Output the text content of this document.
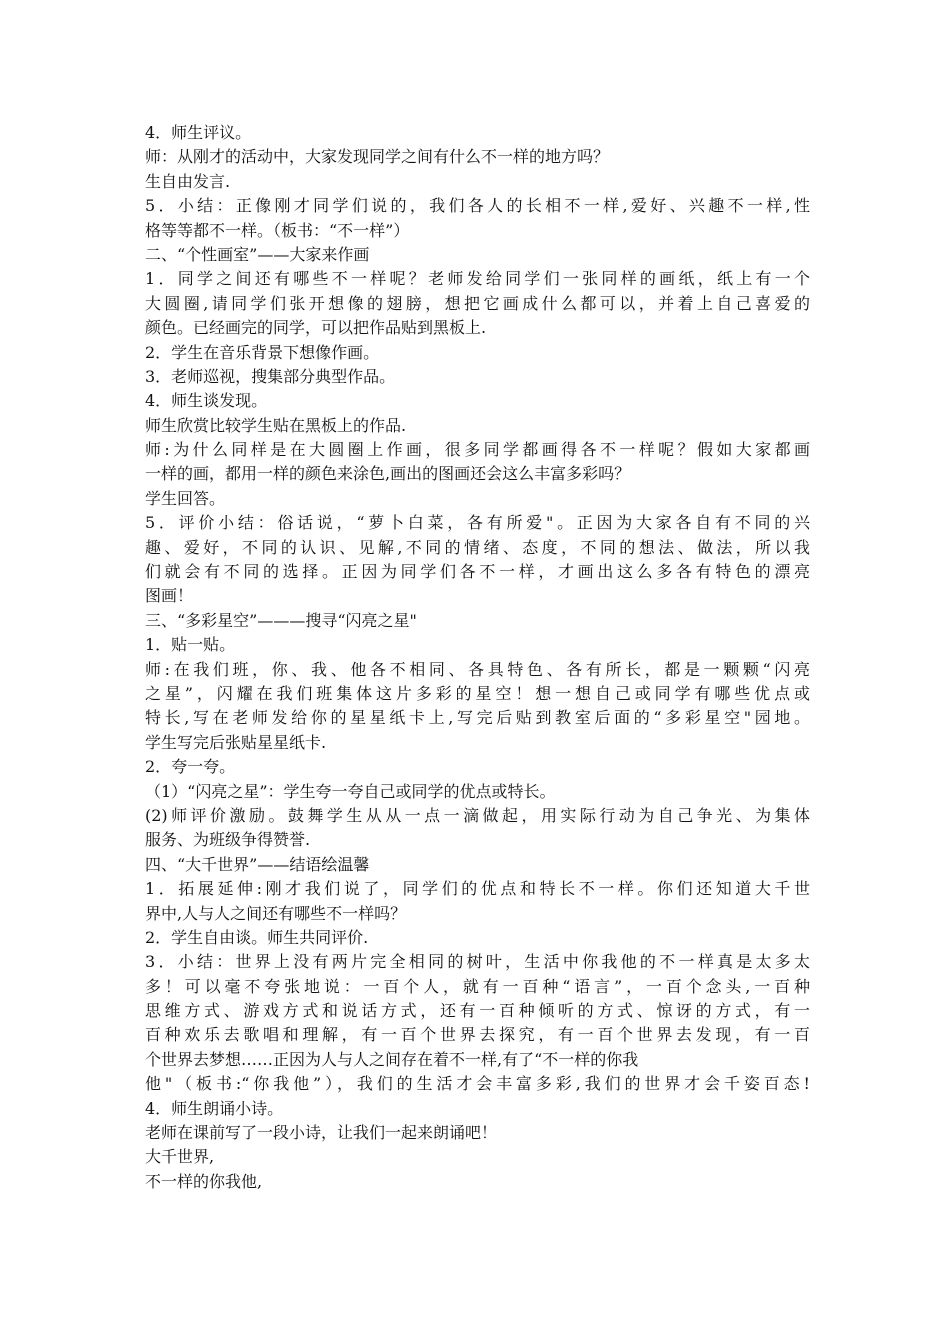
4．师生评议。
师：从刚才的活动中，大家发现同学之间有什么不一样的地方吗？
生自由发言.
5．小结：正像刚才同学们说的，我们各人的长相不一样,爱好、兴趣不一样,性
格等等都不一样。（板书：“不一样”）
二、“个性画室”——大家来作画
1．同学之间还有哪些不一样呢？老师发给同学们一张同样的画纸，纸上有一个
大圆圈,请同学们张开想像的翅膀，想把它画成什么都可以，并着上自己喜爱的
颜色。已经画完的同学，可以把作品贴到黑板上.
2．学生在音乐背景下想像作画。
3．老师巡视，搜集部分典型作品。
4．师生谈发现。
师生欣赏比较学生贴在黑板上的作品.
师:为什么同样是在大圆圈上作画，很多同学都画得各不一样呢？假如大家都画
一样的画，都用一样的颜色来涂色,画出的图画还会这么丰富多彩吗？
学生回答。
5．评价小结：俗话说，“萝卜白菜，各有所爱"。正因为大家各自有不同的兴
趣、爱好，不同的认识、见解,不同的情绪、态度，不同的想法、做法，所以我
们就会有不同的选择。正因为同学们各不一样，才画出这么多各有特色的漂亮
图画！
三、“多彩星空”———搜寻“闪亮之星"
1．贴一贴。
师:在我们班，你、我、他各不相同、各具特色、各有所长，都是一颗颗“闪亮
之星”，闪耀在我们班集体这片多彩的星空！想一想自己或同学有哪些优点或
特长,写在老师发给你的星星纸卡上,写完后贴到教室后面的“多彩星空"园地。
学生写完后张贴星星纸卡.
2．夸一夸。
（1）“闪亮之星”：学生夸一夸自己或同学的优点或特长。
(2)师评价激励。鼓舞学生从从一点一滴做起，用实际行动为自己争光、为集体
服务、为班级争得赞誉.
四、“大千世界”——结语绘温馨
1．拓展延伸:刚才我们说了，同学们的优点和特长不一样。你们还知道大千世
界中,人与人之间还有哪些不一样吗？
2．学生自由谈。师生共同评价.
3．小结：世界上没有两片完全相同的树叶，生活中你我他的不一样真是太多太
多！可以毫不夸张地说：一百个人，就有一百种“语言”，一百个念头,一百种
思维方式、游戏方式和说话方式，还有一百种倾听的方式、惊讶的方式，有一
百种欢乐去歌唱和理解，有一百个世界去探究，有一百个世界去发现，有一百
个世界去梦想……正因为人与人之间存在着不一样,有了“不一样的你我
他"（板书:“你我他”），我们的生活才会丰富多彩,我们的世界才会千姿百态!
4．师生朗诵小诗。
老师在课前写了一段小诗，让我们一起来朗诵吧！
大千世界,
不一样的你我他,
